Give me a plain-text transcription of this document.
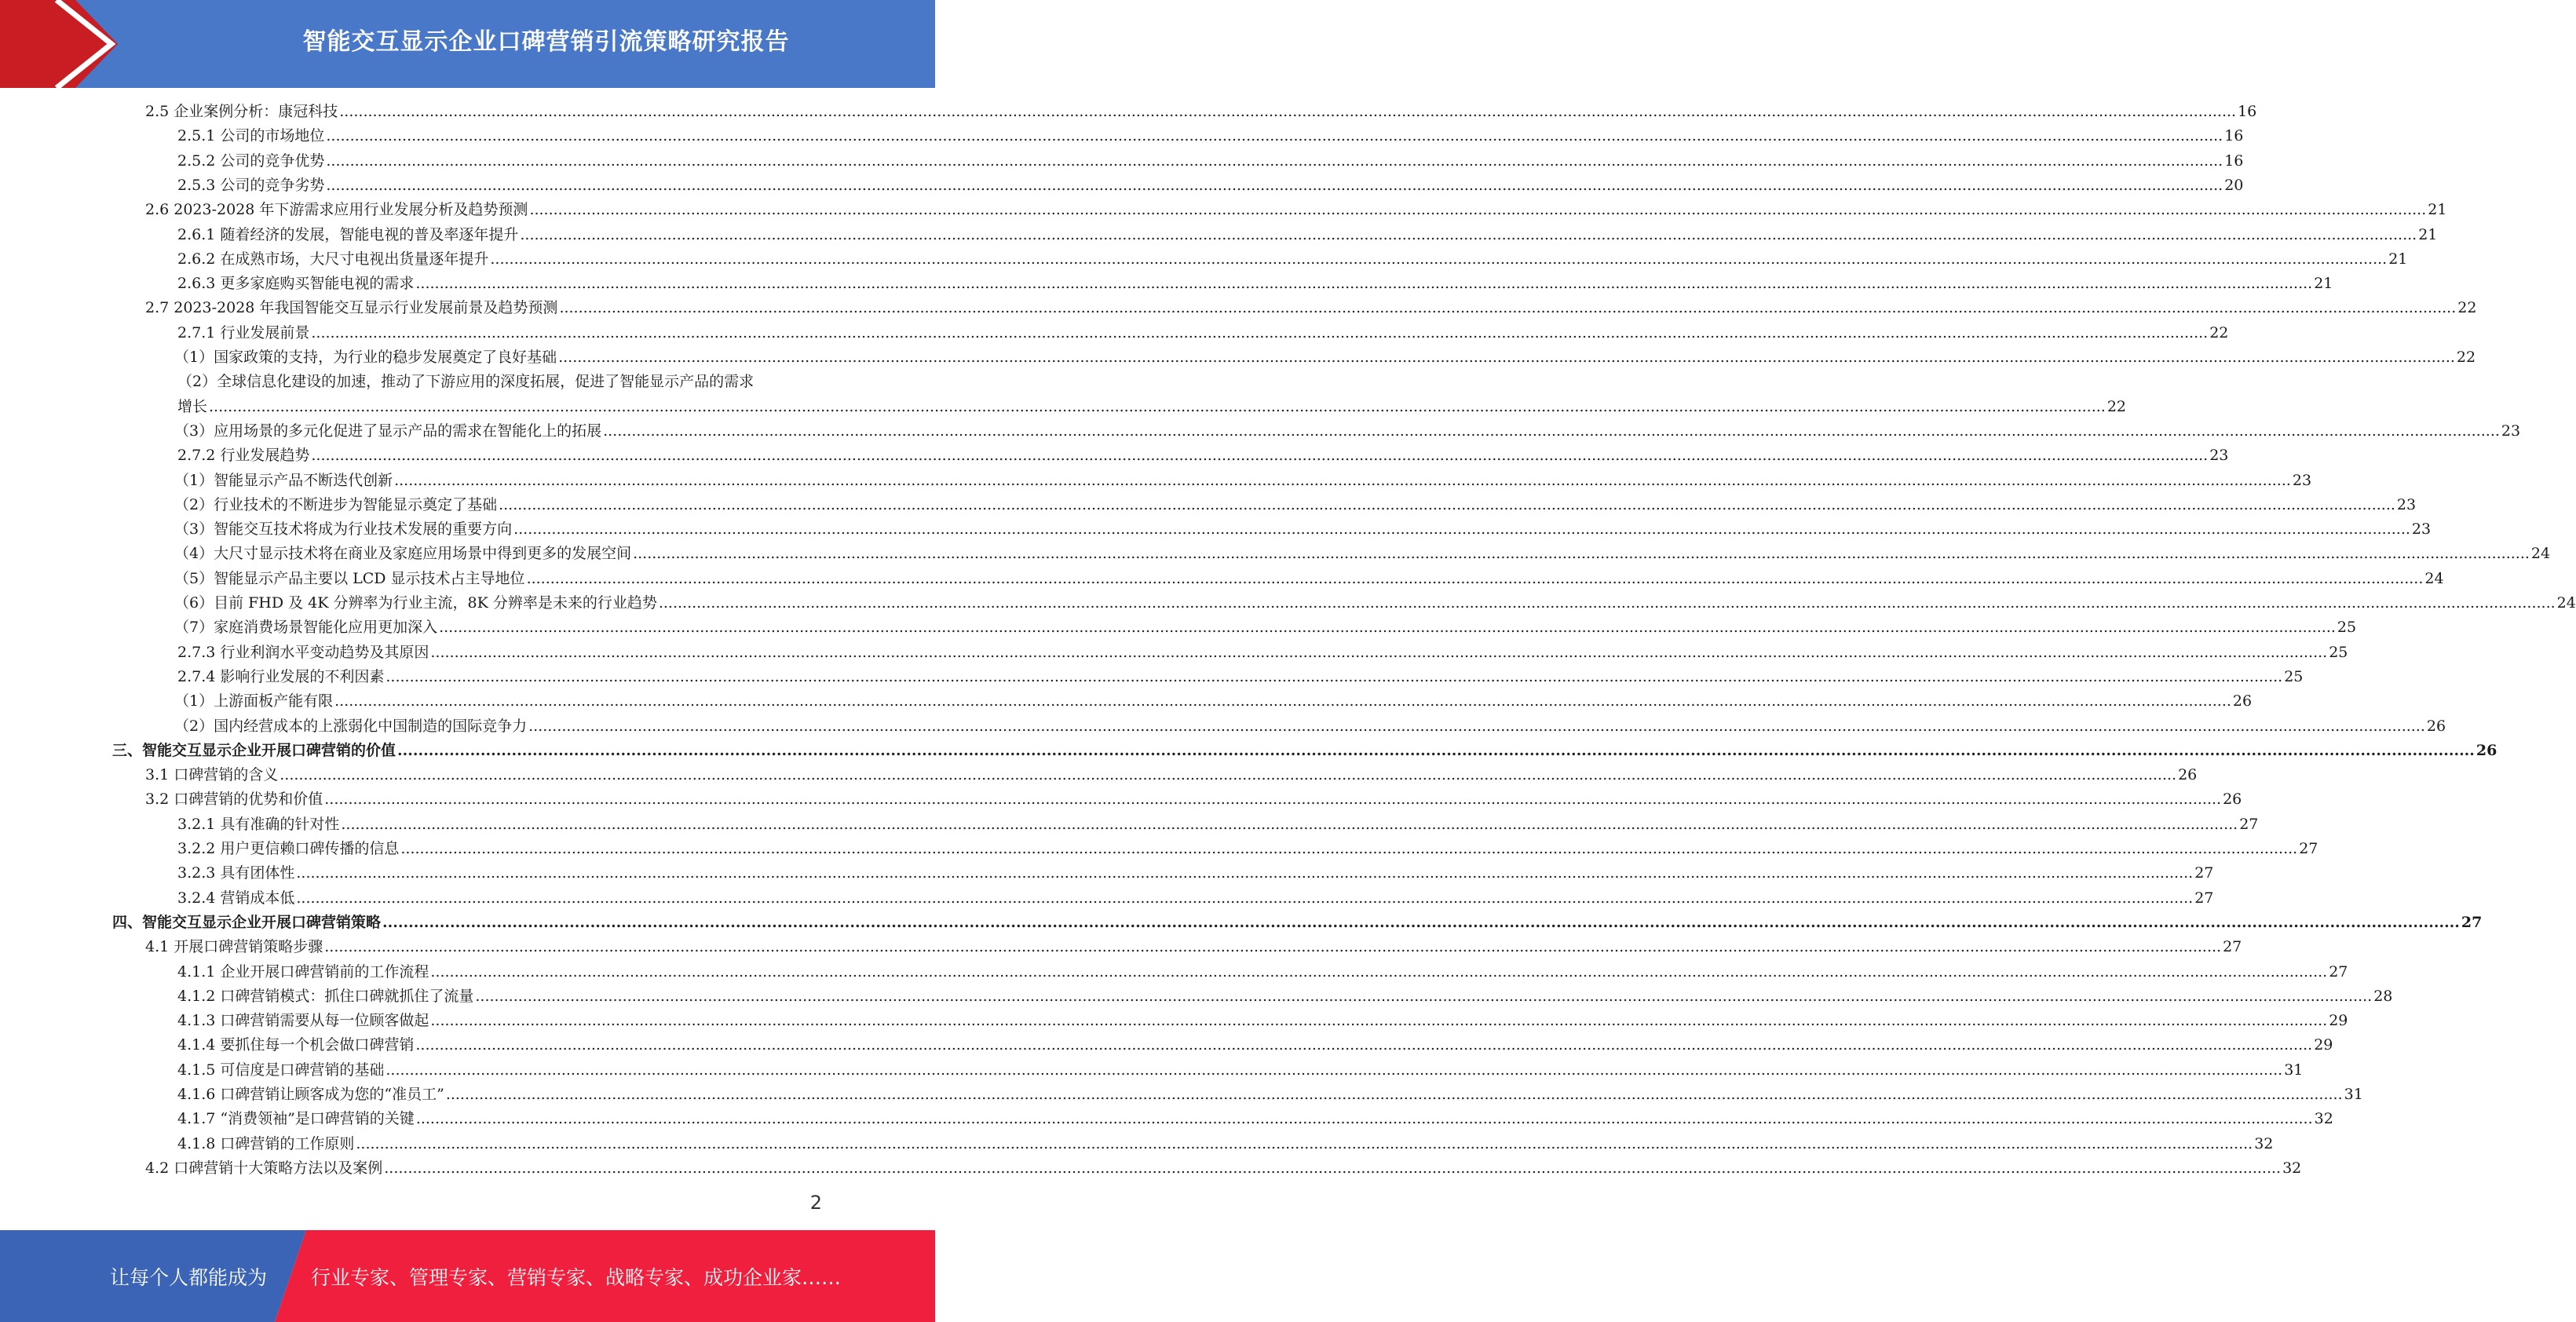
智能交互显示企业口碑营销引流策略研究报告
2.5 企业案例分析：康冠科技 ................................................................................................................................................................................................................................................................................................................................................................................................................ 16
2.5.1 公司的市场地位 ................................................................................................................................................................................................................................................................................................................................................................................................................ 16
2.5.2 公司的竞争优势 ................................................................................................................................................................................................................................................................................................................................................................................................................ 16
2.5.3 公司的竞争劣势 ................................................................................................................................................................................................................................................................................................................................................................................................................ 20
2.6 2023-2028 年下游需求应用行业发展分析及趋势预测 ................................................................................................................................................................................................................................................................................................................................................................................................................ 21
2.6.1 随着经济的发展，智能电视的普及率逐年提升 ................................................................................................................................................................................................................................................................................................................................................................................................................ 21
2.6.2 在成熟市场，大尺寸电视出货量逐年提升 ................................................................................................................................................................................................................................................................................................................................................................................................................ 21
2.6.3 更多家庭购买智能电视的需求 ................................................................................................................................................................................................................................................................................................................................................................................................................ 21
2.7 2023-2028 年我国智能交互显示行业发展前景及趋势预测 ................................................................................................................................................................................................................................................................................................................................................................................................................ 22
2.7.1 行业发展前景 ................................................................................................................................................................................................................................................................................................................................................................................................................ 22
（1）国家政策的支持，为行业的稳步发展奠定了良好基础 ................................................................................................................................................................................................................................................................................................................................................................................................................ 22
（2）全球信息化建设的加速，推动了下游应用的深度拓展，促进了智能显示产品的需求
增长 ................................................................................................................................................................................................................................................................................................................................................................................................................ 22
（3）应用场景的多元化促进了显示产品的需求在智能化上的拓展 ................................................................................................................................................................................................................................................................................................................................................................................................................ 23
2.7.2 行业发展趋势 ................................................................................................................................................................................................................................................................................................................................................................................................................ 23
（1）智能显示产品不断迭代创新 ................................................................................................................................................................................................................................................................................................................................................................................................................ 23
（2）行业技术的不断进步为智能显示奠定了基础 ................................................................................................................................................................................................................................................................................................................................................................................................................ 23
（3）智能交互技术将成为行业技术发展的重要方向 ................................................................................................................................................................................................................................................................................................................................................................................................................ 23
（4）大尺寸显示技术将在商业及家庭应用场景中得到更多的发展空间 ................................................................................................................................................................................................................................................................................................................................................................................................................ 24
（5）智能显示产品主要以 LCD 显示技术占主导地位 ................................................................................................................................................................................................................................................................................................................................................................................................................ 24
（6）目前 FHD 及 4K 分辨率为行业主流，8K 分辨率是未来的行业趋势 ................................................................................................................................................................................................................................................................................................................................................................................................................ 24
（7）家庭消费场景智能化应用更加深入 ................................................................................................................................................................................................................................................................................................................................................................................................................ 25
2.7.3 行业利润水平变动趋势及其原因 ................................................................................................................................................................................................................................................................................................................................................................................................................ 25
2.7.4 影响行业发展的不利因素 ................................................................................................................................................................................................................................................................................................................................................................................................................ 25
（1）上游面板产能有限 ................................................................................................................................................................................................................................................................................................................................................................................................................ 26
（2）国内经营成本的上涨弱化中国制造的国际竞争力 ................................................................................................................................................................................................................................................................................................................................................................................................................ 26
三、智能交互显示企业开展口碑营销的价值 ................................................................................................................................................................................................................................................................................................................................................................................................................ 26
3.1 口碑营销的含义 ................................................................................................................................................................................................................................................................................................................................................................................................................ 26
3.2 口碑营销的优势和价值 ................................................................................................................................................................................................................................................................................................................................................................................................................ 26
3.2.1 具有准确的针对性 ................................................................................................................................................................................................................................................................................................................................................................................................................ 27
3.2.2 用户更信赖口碑传播的信息 ................................................................................................................................................................................................................................................................................................................................................................................................................ 27
3.2.3 具有团体性 ................................................................................................................................................................................................................................................................................................................................................................................................................ 27
3.2.4 营销成本低 ................................................................................................................................................................................................................................................................................................................................................................................................................ 27
四、智能交互显示企业开展口碑营销策略 ................................................................................................................................................................................................................................................................................................................................................................................................................ 27
4.1 开展口碑营销策略步骤 ................................................................................................................................................................................................................................................................................................................................................................................................................ 27
4.1.1 企业开展口碑营销前的工作流程 ................................................................................................................................................................................................................................................................................................................................................................................................................ 27
4.1.2 口碑营销模式：抓住口碑就抓住了流量 ................................................................................................................................................................................................................................................................................................................................................................................................................ 28
4.1.3 口碑营销需要从每一位顾客做起 ................................................................................................................................................................................................................................................................................................................................................................................................................ 29
4.1.4 要抓住每一个机会做口碑营销 ................................................................................................................................................................................................................................................................................................................................................................................................................ 29
4.1.5 可信度是口碑营销的基础 ................................................................................................................................................................................................................................................................................................................................................................................................................ 31
4.1.6 口碑营销让顾客成为您的“准员工” ................................................................................................................................................................................................................................................................................................................................................................................................................ 31
4.1.7 “消费领袖”是口碑营销的关键 ................................................................................................................................................................................................................................................................................................................................................................................................................ 32
4.1.8 口碑营销的工作原则 ................................................................................................................................................................................................................................................................................................................................................................................................................ 32
4.2 口碑营销十大策略方法以及案例 ................................................................................................................................................................................................................................................................................................................................................................................................................ 32
2
让每个人都能成为 行业专家、管理专家、营销专家、战略专家、成功企业家……
